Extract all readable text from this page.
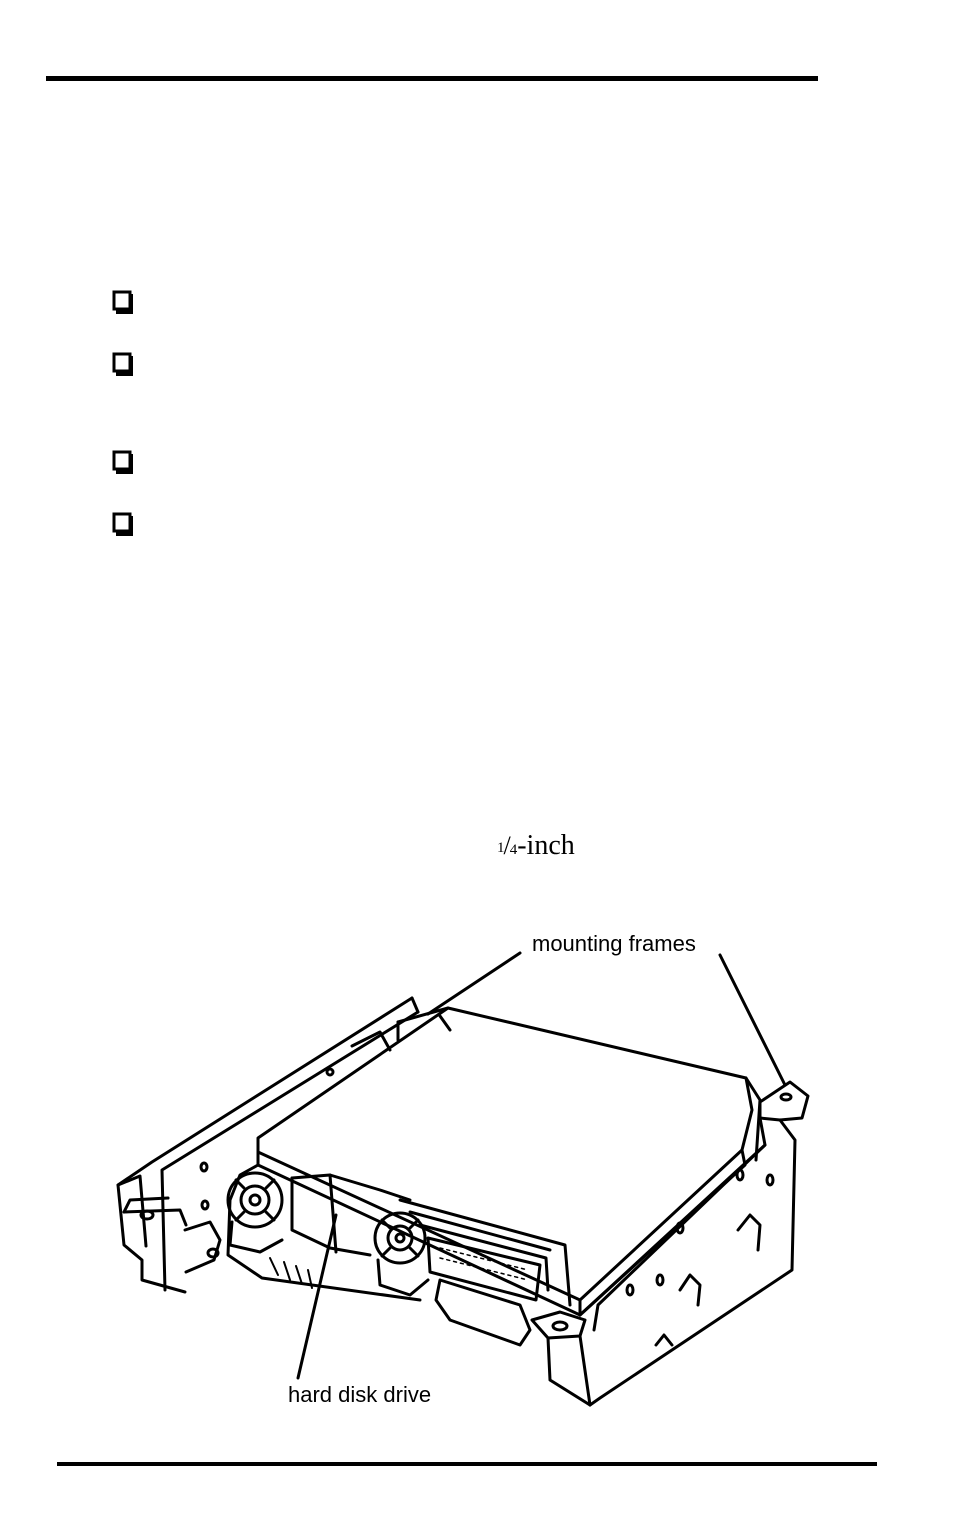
$^1$/4-inch
mounting frames
hard disk drive
